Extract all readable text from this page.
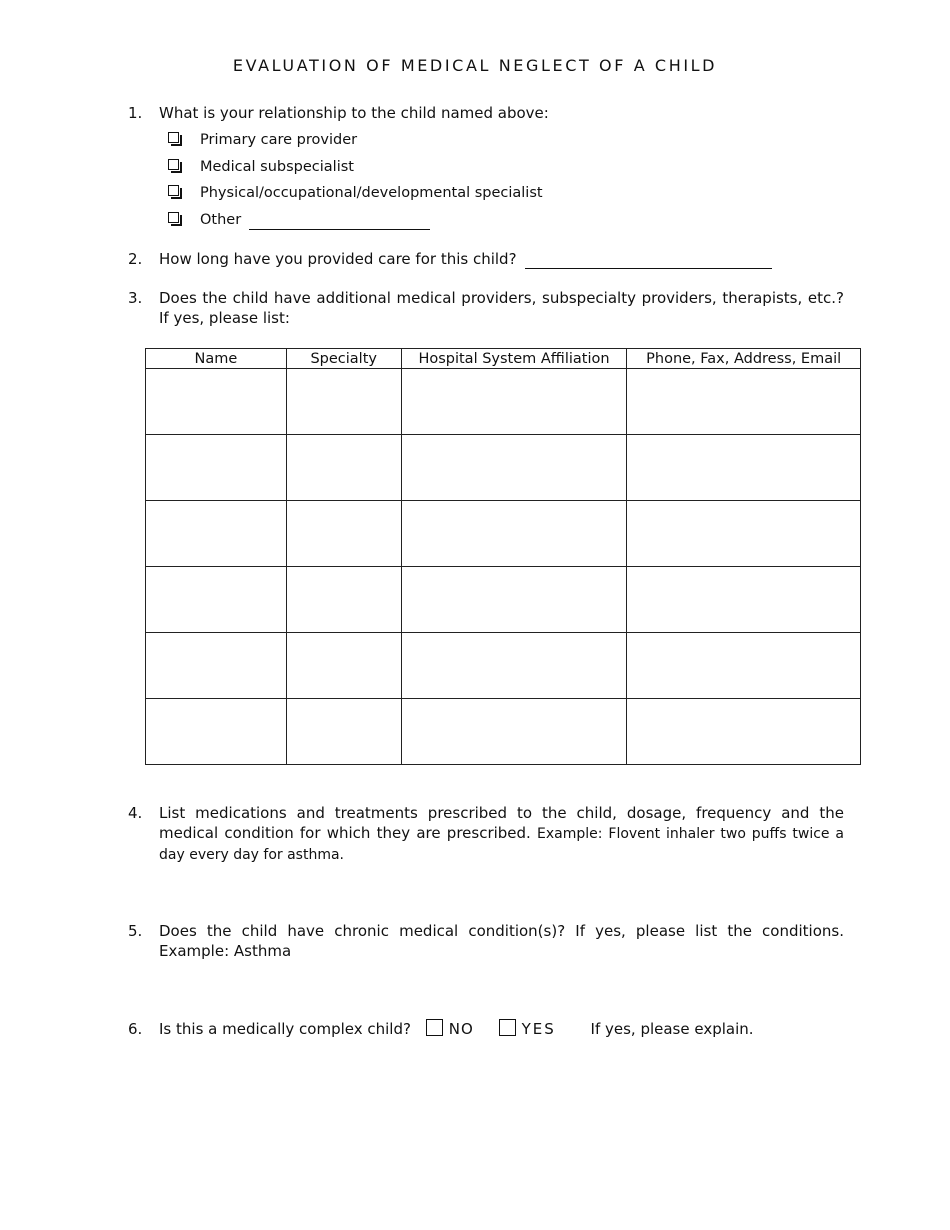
EVALUATION OF MEDICAL NEGLECT OF A CHILD
1. What is your relationship to the child named above:
Primary care provider
Medical subspecialist
Physical/occupational/developmental specialist
Other
2. How long have you provided care for this child?
3. Does the child have additional medical providers, subspecialty providers, therapists, etc.? If yes, please list:
Name	Specialty	Hospital System Affiliation	Phone, Fax, Address, Email

4. List medications and treatments prescribed to the child, dosage, frequency and the medical condition for which they are prescribed. Example: Flovent inhaler two puffs twice a day every day for asthma.
5. Does the child have chronic medical condition(s)? If yes, please list the conditions. Example: Asthma
6. Is this a medically complex child?	NO	YES If yes, please explain.
